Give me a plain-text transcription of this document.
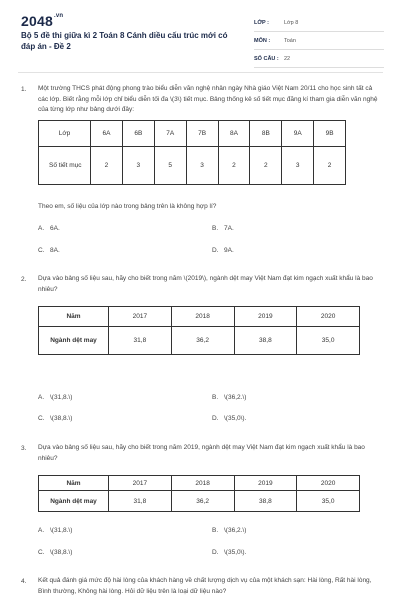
$2048^{.vn}$
Bộ 5 đề thi giữa kì 2 Toán 8 Cánh diều cấu trúc mới có đáp án - Đề 2
LỚP :	Lớp 8
MÔN :	Toán
SỐ CÂU : 22
1. Một trường THCS phát động phong trào biểu diễn văn nghệ nhân ngày Nhà giáo Việt Nam 20/11 cho học sinh tất cả các lớp. Biết rằng mỗi lớp chỉ biểu diễn tối đa \(3\) tiết mục. Bảng thống kê số tiết mục đăng kí tham gia diễn văn nghệ của từng lớp như bảng dưới đây:
Lớp	6A	6B	7A	7B	8A	8B	9A	9B
Số tiết mục	2	3	5	3	2	2	3	2
Theo em, số liệu của lớp nào trong bảng trên là không hợp lí?
A. 6A.	B. 7A.
C. 8A.	D. 9A.
2. Dựa vào bảng số liệu sau, hãy cho biết trong năm \(2019\), ngành dệt may Việt Nam đạt kim ngạch xuất khẩu là bao nhiêu?
Năm	2017	2018	2019	2020
Ngành dệt may	31,8	36,2	38,8	35,0
A. \(31,8.\)	B. \(36,2.\)
C. \(38,8.\)	D. \(35,0\).
3. Dựa vào bảng số liệu sau, hãy cho biết trong năm 2019, ngành dệt may Việt Nam đạt kim ngạch xuất khẩu là bao nhiêu?
Năm	2017	2018	2019	2020
Ngành dệt may	31,8	36,2	38,8	35,0
A. \(31,8.\)	B. \(36,2.\)
C. \(38,8.\)	D. \(35,0\).
4. Kết quả đánh giá mức độ hài lòng của khách hàng về chất lượng dịch vụ của một khách sạn: Hài lòng, Rất hài lòng, Bình thường, Không hài lòng. Hỏi dữ liệu trên là loại dữ liệu nào?
